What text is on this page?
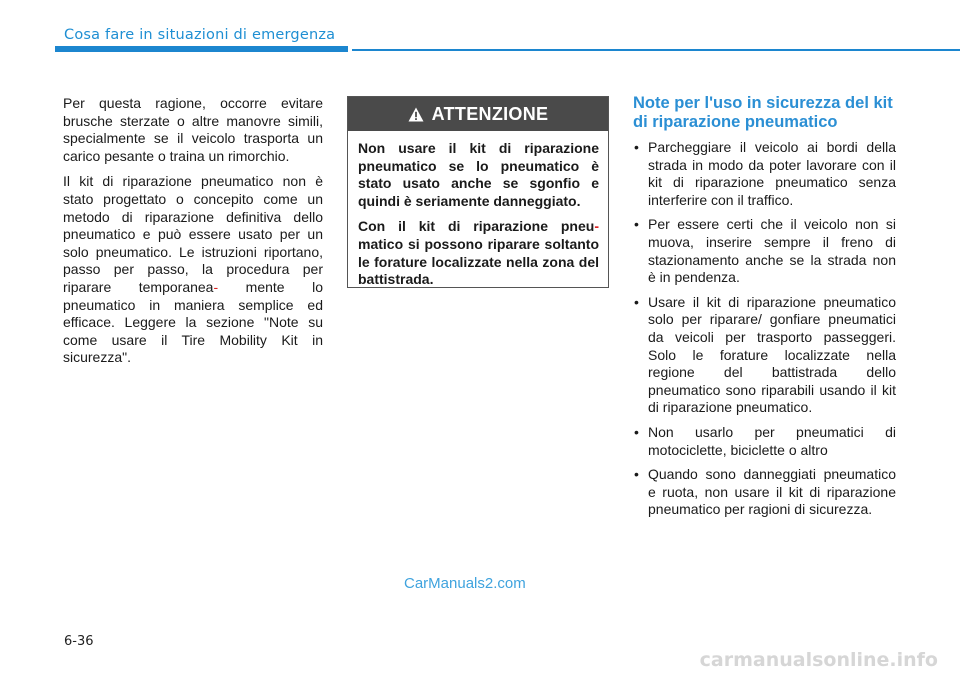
Cosa fare in situazioni di emergenza

Per questa ragione, occorre evitare brusche sterzate o altre manovre simili, specialmente se il veicolo trasporta un carico pesante o traina un rimorchio.

Il kit di riparazione pneumatico non è stato progettato o concepito come un metodo di riparazione definitiva dello pneumatico e può essere usato per un solo pneumatico. Le istruzioni riportano, passo per passo, la procedura per riparare temporanea- mente lo pneumatico in maniera semplice ed efficace. Leggere la sezione "Note su come usare il Tire Mobility Kit in sicurezza".

ATTENZIONE

Non usare il kit di riparazione pneumatico se lo pneumatico è stato usato anche se sgonfio e quindi è seriamente danneggiato.

Con il kit di riparazione pneu- matico si possono riparare soltanto le forature localizzate nella zona del battistrada.

Note per l'uso in sicurezza del kit di riparazione pneumatico
• Parcheggiare il veicolo ai bordi della strada in modo da poter lavorare con il kit di riparazione pneumatico senza interferire con il traffico.
• Per essere certi che il veicolo non si muova, inserire sempre il freno di stazionamento anche se la strada non è in pendenza.
• Usare il kit di riparazione pneumatico solo per riparare/ gonfiare pneumatici da veicoli per trasporto passeggeri. Solo le forature localizzate nella regione del battistrada dello pneumatico sono riparabili usando il kit di riparazione pneumatico.
• Non usarlo per pneumatici di motociclette, biciclette o altro
• Quando sono danneggiati pneumatico e ruota, non usare il kit di riparazione pneumatico per ragioni di sicurezza.
CarManuals2.com
6-36
carmanualsonline.info
